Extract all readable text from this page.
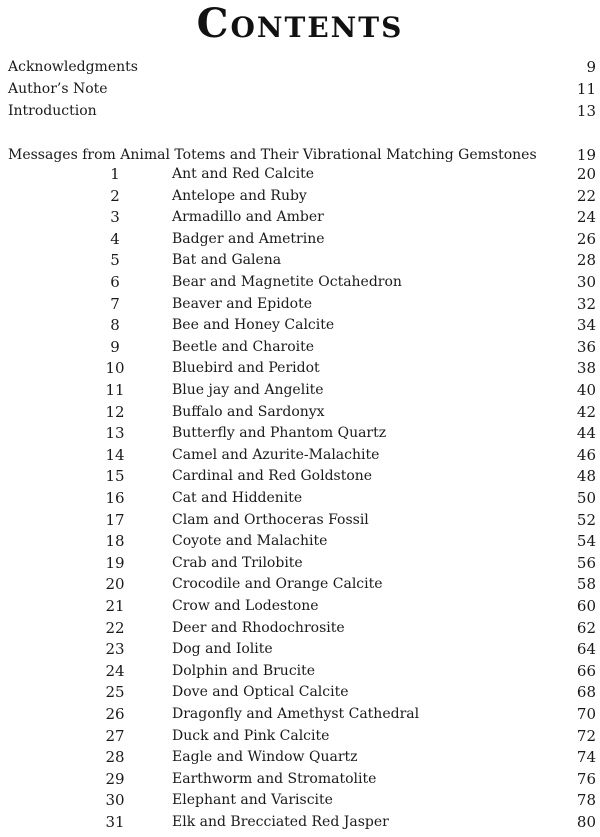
Contents
Acknowledgments	9
Author’s Note	11
Introduction	13
Messages from Animal Totems and Their Vibrational Matching Gemstones	19
1	Ant and Red Calcite	20
2	Antelope and Ruby	22
3	Armadillo and Amber	24
4	Badger and Ametrine	26
5	Bat and Galena	28
6	Bear and Magnetite Octahedron	30
7	Beaver and Epidote	32
8	Bee and Honey Calcite	34
9	Beetle and Charoite	36
10	Bluebird and Peridot	38
11	Blue jay and Angelite	40
12	Buffalo and Sardonyx	42
13	Butterfly and Phantom Quartz	44
14	Camel and Azurite-Malachite	46
15	Cardinal and Red Goldstone	48
16	Cat and Hiddenite	50
17	Clam and Orthoceras Fossil	52
18	Coyote and Malachite	54
19	Crab and Trilobite	56
20	Crocodile and Orange Calcite	58
21	Crow and Lodestone	60
22	Deer and Rhodochrosite	62
23	Dog and Iolite	64
24	Dolphin and Brucite	66
25	Dove and Optical Calcite	68
26	Dragonfly and Amethyst Cathedral	70
27	Duck and Pink Calcite	72
28	Eagle and Window Quartz	74
29	Earthworm and Stromatolite	76
30	Elephant and Variscite	78
31	Elk and Brecciated Red Jasper	80
